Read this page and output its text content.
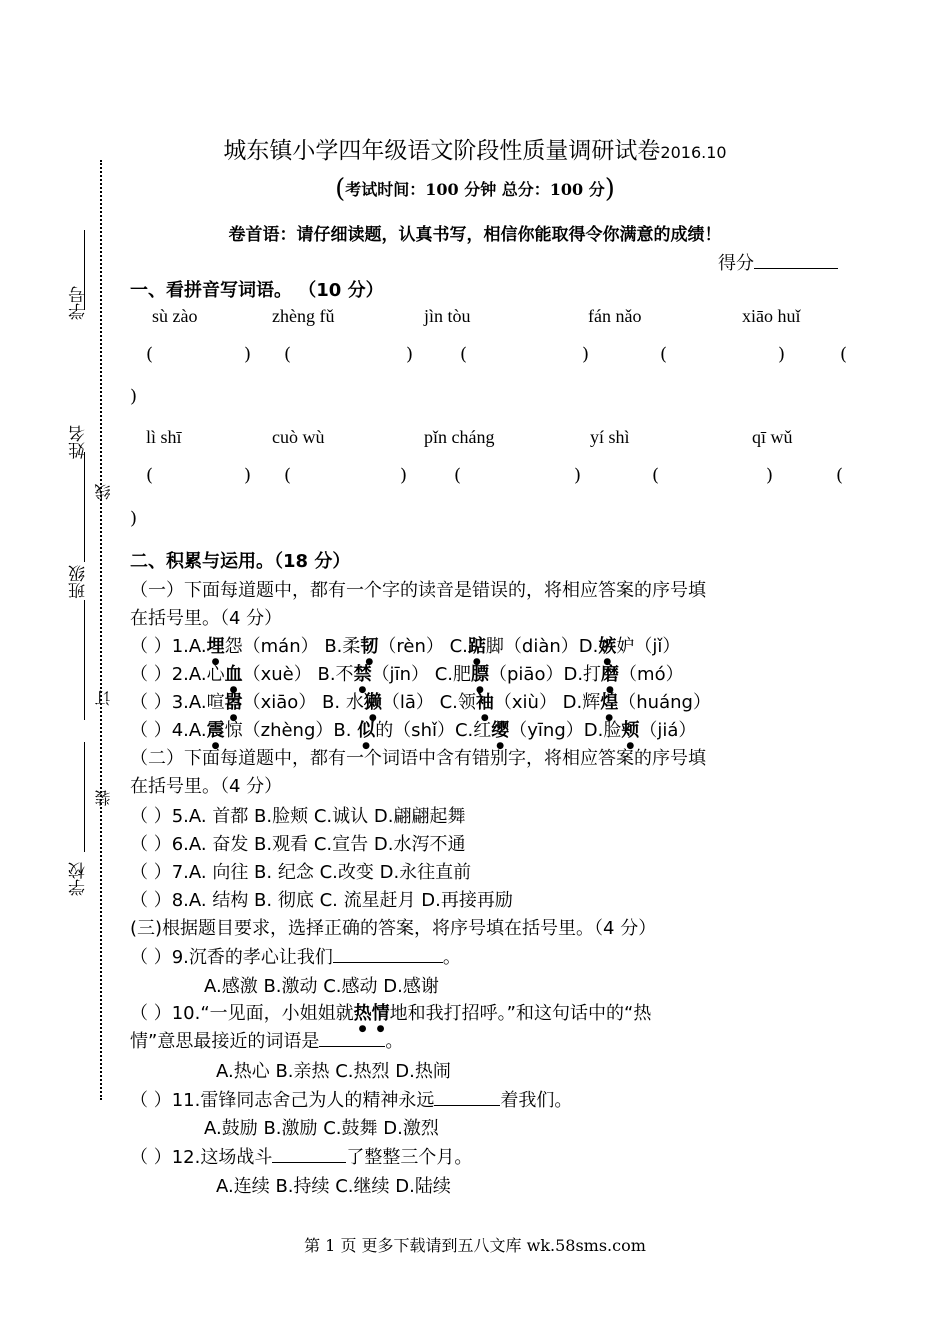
学号
姓名
线
班级
订
装
学校
城东镇小学四年级语文阶段性质量调研试卷2016.10
(考试时间：100 分钟 总分：100 分)
卷首语：请仔细读题，认真书写，相信你能取得令你满意的成绩！
得分
一、看拼音写词语。 （10 分）
sù zào	zhèng fǔ	jìn tòu	fán nǎo	xiāo huǐ
(	) (	)	(	)	(	)	(
)
lì shī	cuò wù	pǐn cháng	yí shì	qī wǔ
(	) (	)	(	)	(	)	(
)
二、积累与运用。（18 分）
（一）下面每道题中，都有一个字的读音是错误的，将相应答案的序号填
在括号里。（4 分）
（ ）1.A.埋怨（mán） B.柔韧（rèn） C.踮脚（diàn）D.嫉妒（jǐ）
（ ）2.A.心血（xuè） B.不禁（jīn） C.肥膘（piāo）D.打磨（mó）
（ ）3.A.喧嚣（xiāo） B. 水獭（lā） C.领袖（xiù） D.辉煌（huáng）
（ ）4.A.震惊（zhèng）B. 似的（shǐ）C.红缨（yīng）D.脸颊（jiá）
（二）下面每道题中，都有一个词语中含有错别字，将相应答案的序号填
在括号里。（4 分）
（ ）5.A. 首都 B.脸颊 C.诚认 D.翩翩起舞
（ ）6.A. 奋发 B.观看 C.宣告 D.水泻不通
（ ）7.A. 向往 B. 纪念 C.改变 D.永往直前
（ ）8.A. 结构 B. 彻底 C. 流星赶月 D.再接再励
(三)根据题目要求，选择正确的答案，将序号填在括号里。（4 分）
（ ）9.沉香的孝心让我们	。
A.感激 B.激动 C.感动 D.感谢
（ ）10.“一见面，小姐姐就热情地和我打招呼。”和这句话中的“热
情”意思最接近的词语是	。
A.热心 B.亲热 C.热烈 D.热闹
（ ）11.雷锋同志舍己为人的精神永远	着我们。
A.鼓励 B.激励 C.鼓舞 D.激烈
（ ）12.这场战斗	了整整三个月。
A.连续 B.持续 C.继续 D.陆续
第 1 页 更多下载请到五八文库 wk.58sms.com
